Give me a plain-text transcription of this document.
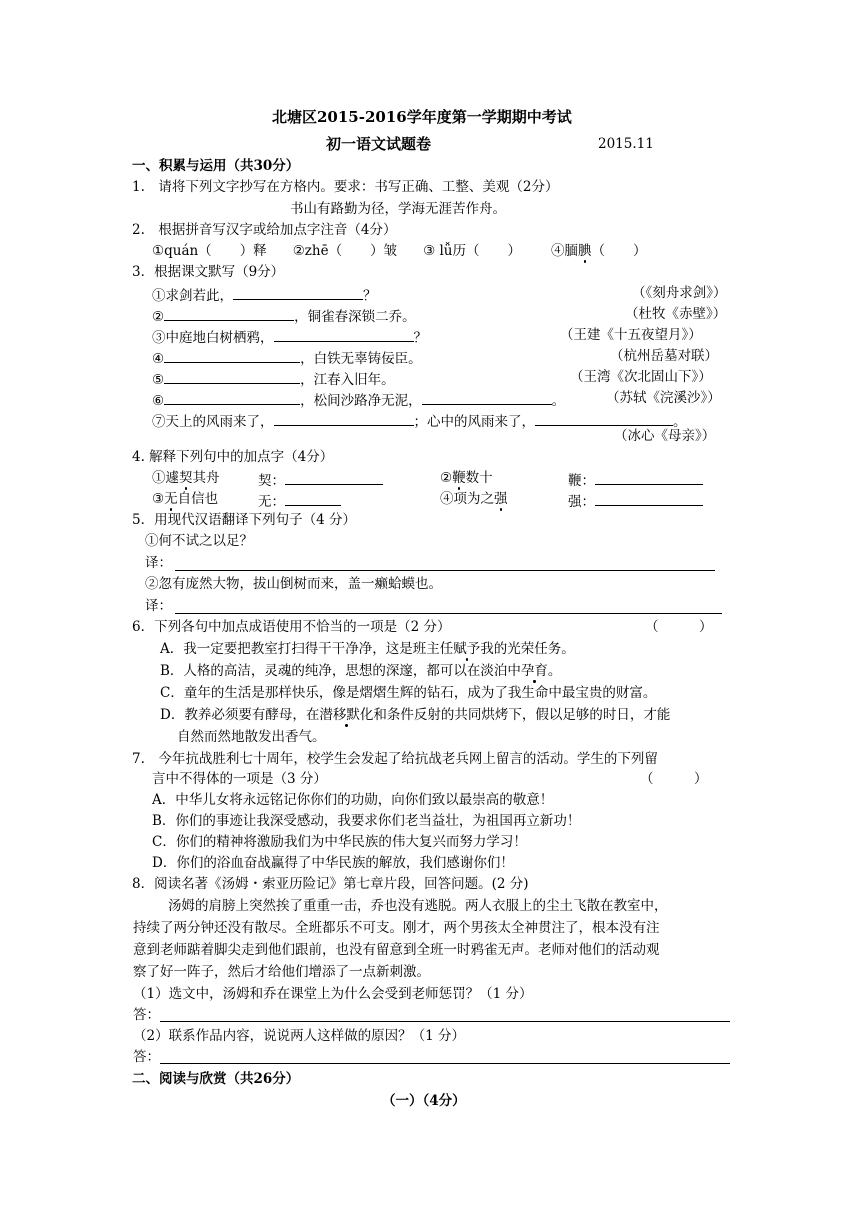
北塘区2015-2016学年度第一学期期中考试
初一语文试题卷	2015.11
一、积累与运用（共30分）
1.　请将下列文字抄写在方格内。要求：书写正确、工整、美观（2分）
书山有路勤为径，学海无涯苦作舟。
2.　根据拼音写汉字或给加点字注音（4分）
①quán（ ）释 ②zhē（ ）皱 ③ lǚ历（ ） ④腼腆（ ）
3．根据课文默写（9分）
①求剑若此，	？	（《刻舟求剑》）
②	，铜雀春深锁二乔。	（杜牧《赤壁》）
③中庭地白树栖鸦，	？	（王建《十五夜望月》）
④	，白铁无辜铸佞臣。	（杭州岳墓对联）
⑤	，江春入旧年。	（王湾《次北固山下》）
⑥	，松间沙路净无泥，	。	（苏轼《浣溪沙》）
⑦天上的风雨来了，	；心中的风雨来了，	。
（冰心《母亲》）
4. 解释下列句中的加点字（4分）
①遽契其舟	契：	②鞭数十	鞭：
③无自信也	无：	④项为之强	强：
5．用现代汉语翻译下列句子（4 分）
①何不试之以足？
译：
②忽有庞然大物，拔山倒树而来，盖一癞蛤蟆也。
译：
6．下列各句中加点成语使用不恰当的一项是（2 分）	（　　　）
A．我一定要把教室打扫得干干净净，这是班主任赋予我的光荣任务。
B．人格的高洁，灵魂的纯净，思想的深邃，都可以在淡泊中孕育。
C．童年的生活是那样快乐，像是熠熠生辉的钻石，成为了我生命中最宝贵的财富。
D．教养必须要有酵母，在潜移默化和条件反射的共同烘烤下，假以足够的时日，才能
自然而然地散发出香气。
7.　今年抗战胜利七十周年，校学生会发起了给抗战老兵网上留言的活动。学生的下列留
言中不得体的一项是（3 分）	（　　　）
A．中华儿女将永远铭记你你们的功勋，向你们致以最崇高的敬意！
B．你们的事迹让我深受感动，我要求你们老当益壮，为祖国再立新功！
C．你们的精神将激励我们为中华民族的伟大复兴而努力学习！
D．你们的浴血奋战赢得了中华民族的解放，我们感谢你们！
8．阅读名著《汤姆・索亚历险记》第七章片段，回答问题。(2 分)
汤姆的肩膀上突然挨了重重一击，乔也没有逃脱。两人衣服上的尘土飞散在教室中，
持续了两分钟还没有散尽。全班都乐不可支。刚才，两个男孩太全神贯注了，根本没有注
意到老师踮着脚尖走到他们跟前，也没有留意到全班一时鸦雀无声。老师对他们的活动观
察了好一阵子，然后才给他们增添了一点新刺激。
（1）选文中，汤姆和乔在课堂上为什么会受到老师惩罚？（1 分）
答：
（2）联系作品内容，说说两人这样做的原因？（1 分）
答：
二、阅读与欣赏（共26分）
（一）（4分）
